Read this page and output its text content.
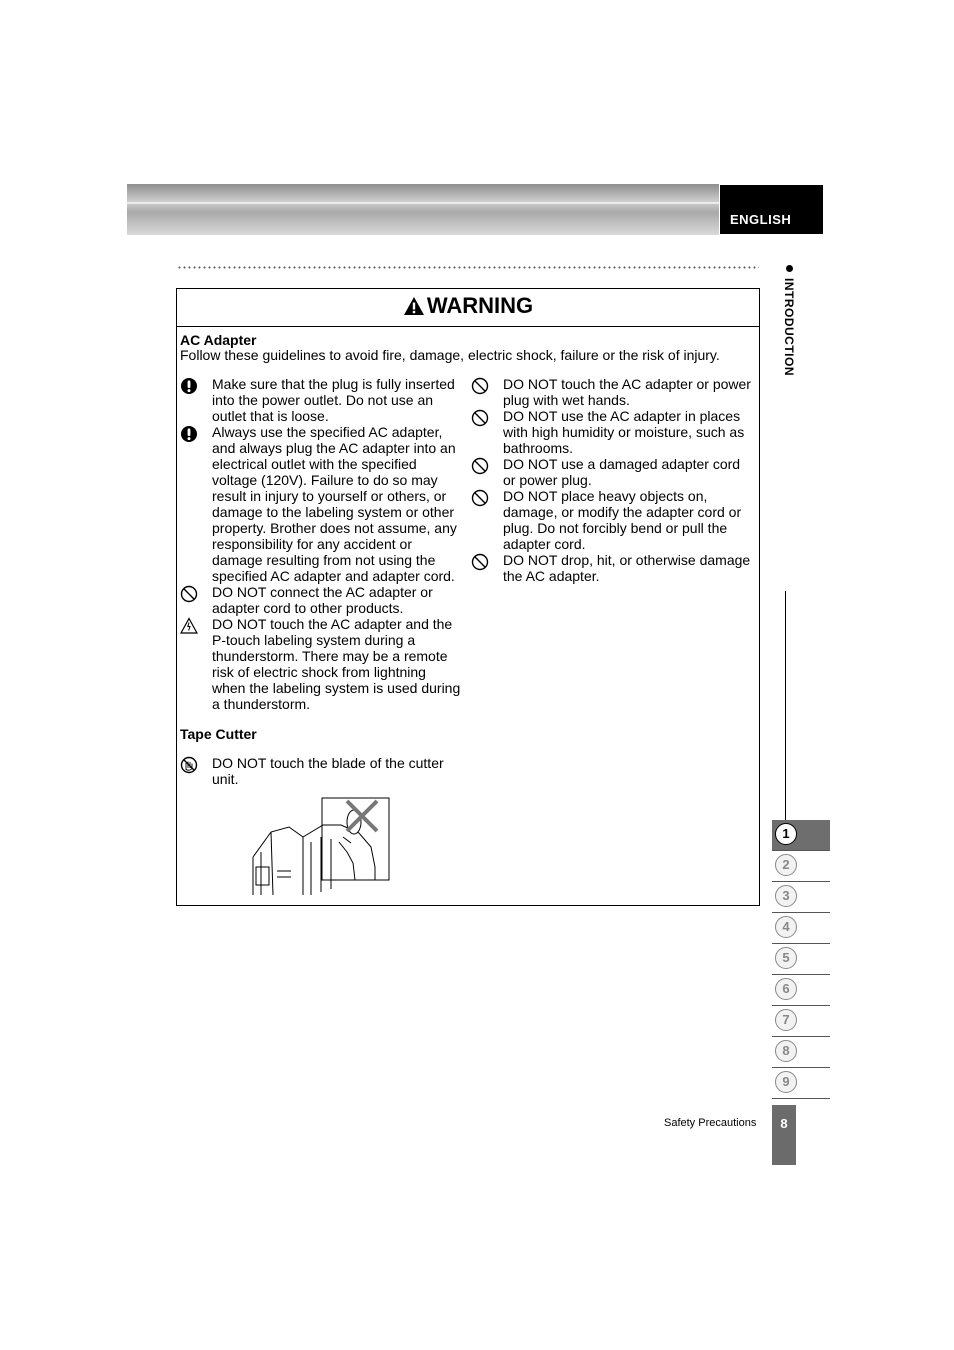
ENGLISH
INTRODUCTION
1
2
3
4
5
6
7
8
9
WARNING
AC Adapter
Follow these guidelines to avoid fire, damage, electric shock, failure or the risk of injury.
Make sure that the plug is fully inserted
into the power outlet. Do not use an
outlet that is loose.
Always use the specified AC adapter,
and always plug the AC adapter into an
electrical outlet with the specified
voltage (120V). Failure to do so may
result in injury to yourself or others, or
damage to the labeling system or other
property. Brother does not assume, any
responsibility for any accident or
damage resulting from not using the
specified AC adapter and adapter cord.
DO NOT connect the AC adapter or
adapter cord to other products.
DO NOT touch the AC adapter and the
P-touch labeling system during a
thunderstorm. There may be a remote
risk of electric shock from lightning
when the labeling system is used during
a thunderstorm.
DO NOT touch the AC adapter or power
plug with wet hands.
DO NOT use the AC adapter in places
with high humidity or moisture, such as
bathrooms.
DO NOT use a damaged adapter cord
or power plug.
DO NOT place heavy objects on,
damage, or modify the adapter cord or
plug. Do not forcibly bend or pull the
adapter cord.
DO NOT drop, hit, or otherwise damage
the AC adapter.
Tape Cutter
DO NOT touch the blade of the cutter
unit.
Safety Precautions	8
